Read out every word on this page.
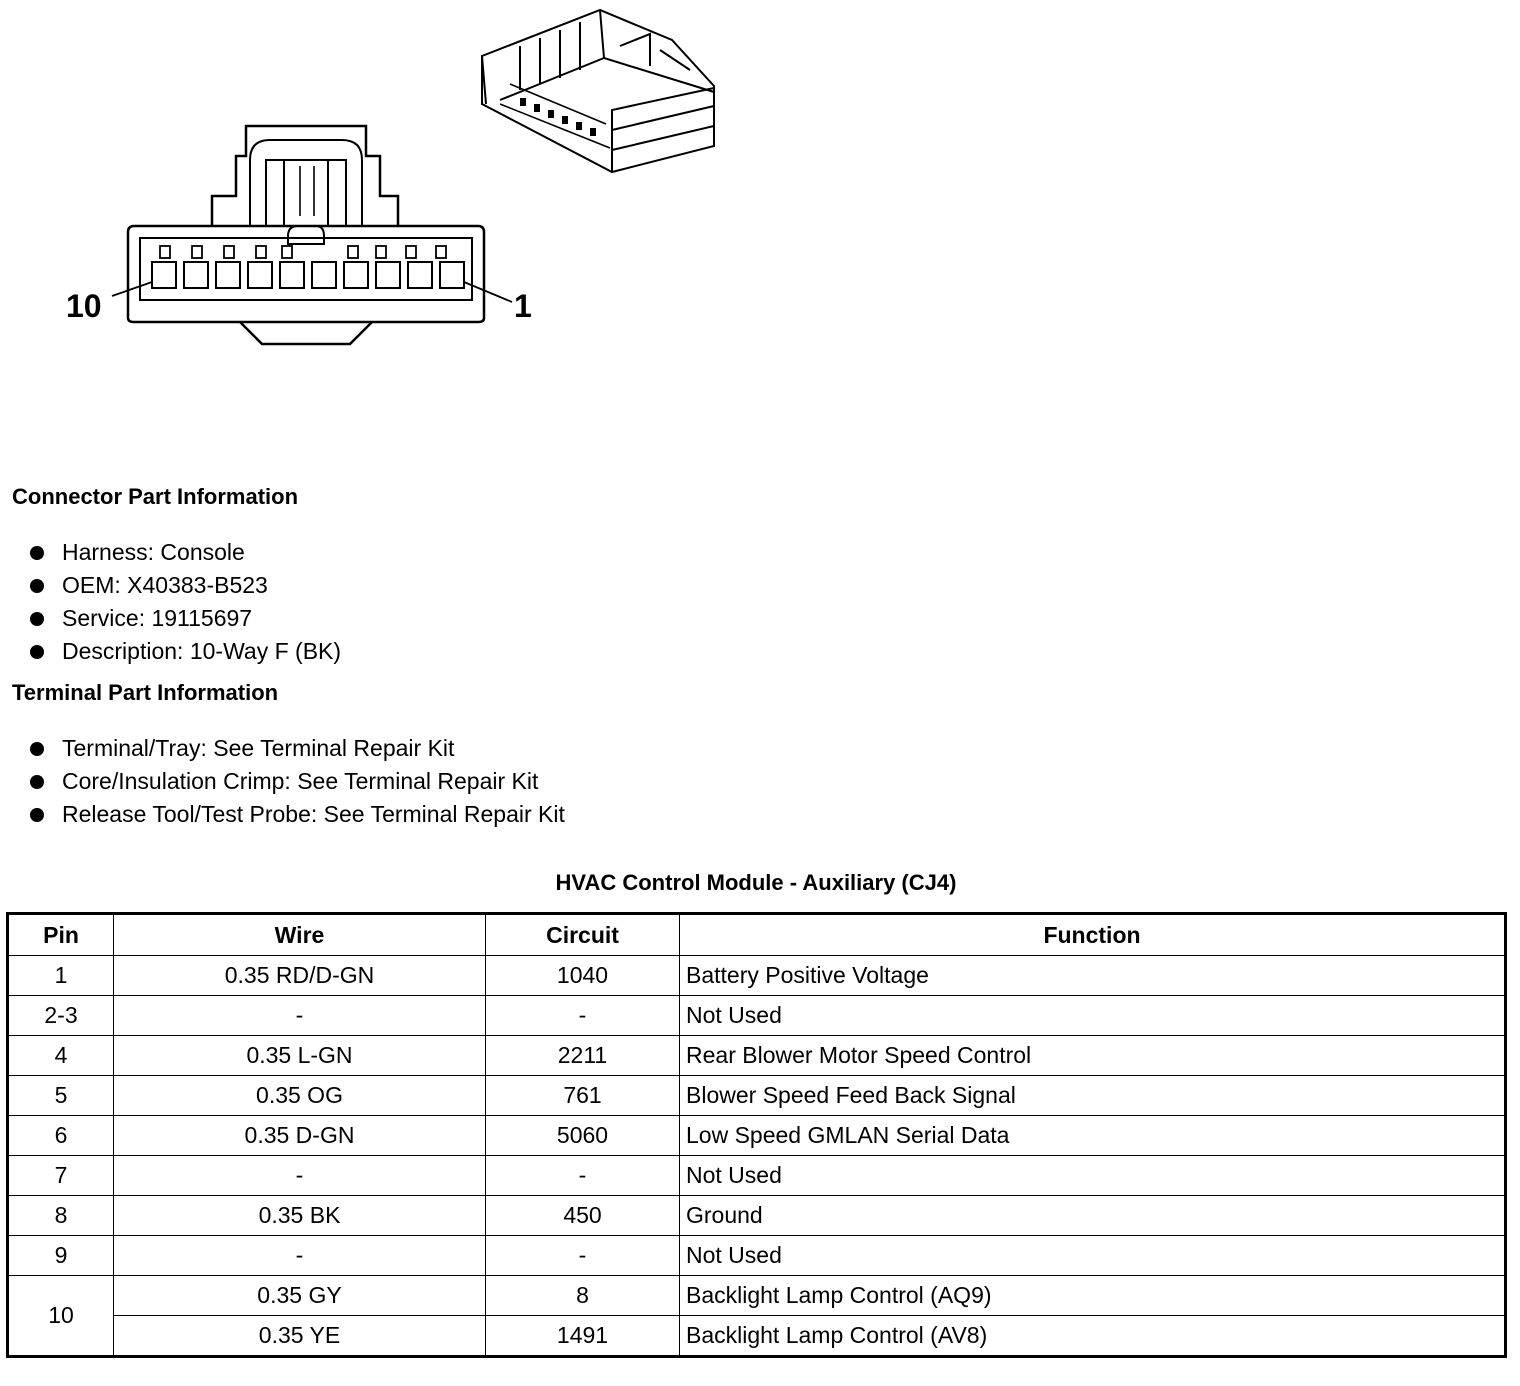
10	1
Connector Part Information
Harness: Console
OEM: X40383-B523
Service: 19115697
Description: 10-Way F (BK)
Terminal Part Information
Terminal/Tray: See Terminal Repair Kit
Core/Insulation Crimp: See Terminal Repair Kit
Release Tool/Test Probe: See Terminal Repair Kit
HVAC Control Module - Auxiliary (CJ4)
Pin	Wire	Circuit	Function
1	0.35 RD/D-GN	1040	Battery Positive Voltage
2-3	-	-	Not Used
4	0.35 L-GN	2211	Rear Blower Motor Speed Control
5	0.35 OG	761	Blower Speed Feed Back Signal
6	0.35 D-GN	5060	Low Speed GMLAN Serial Data
7	-	-	Not Used
8	0.35 BK	450	Ground
9	-	-	Not Used
10	0.35 GY	8	Backlight Lamp Control (AQ9)
	0.35 YE	1491	Backlight Lamp Control (AV8)
